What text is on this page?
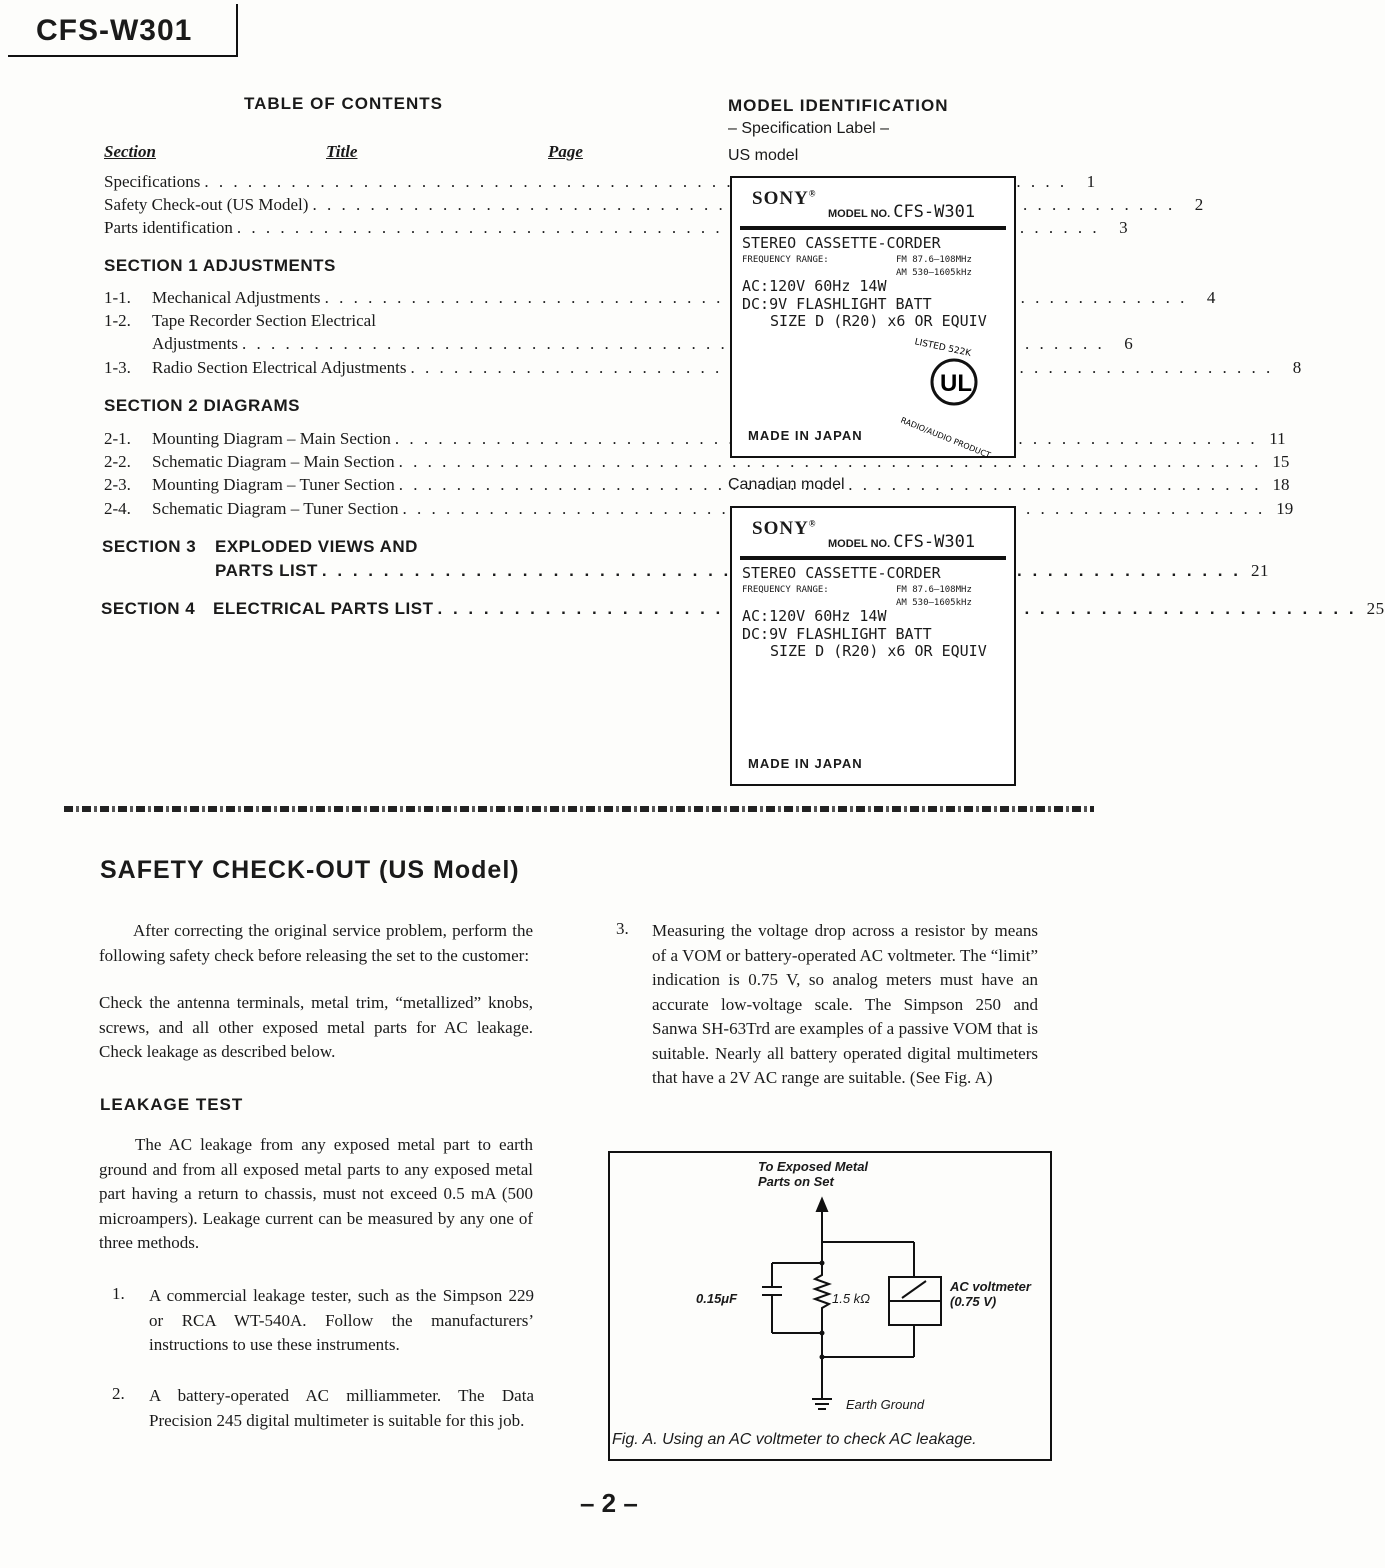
CFS-W301
TABLE OF CONTENTS
Section	Title	Page
Specifications . . .	1
Safety Check-out (US Model) . . .	2
Parts identification . . .	3
SECTION 1 ADJUSTMENTS
1-1.	Mechanical Adjustments . . .	4
1-2.	Tape Recorder Section Electrical
Adjustments . . .	6
1-3.	Radio Section Electrical Adjustments . . .	8
SECTION 2 DIAGRAMS
2-1.	Mounting Diagram – Main Section . . .	11
2-2.	Schematic Diagram – Main Section . . .	15
2-3.	Mounting Diagram – Tuner Section . . .	18
2-4.	Schematic Diagram – Tuner Section . . .	19
SECTION 3 EXPLODED VIEWS AND
PARTS LIST . . .	21
SECTION 4 ELECTRICAL PARTS LIST . . .	25
MODEL IDENTIFICATION
– Specification Label –
US model
SONY®
MODEL NO. CFS-W301
STEREO CASSETTE-CORDER
FREQUENCY RANGE:	FM 87.6–108MHz
AM 530–1605kHz
AC:120V 60Hz 14W
DC:9V FLASHLIGHT BATT
SIZE D (R20) x6 OR EQUIV
LISTED 522K
UL
RADIO/AUDIO PRODUCT
MADE IN JAPAN
Canadian model
SONY®
MODEL NO. CFS-W301
STEREO CASSETTE-CORDER
FREQUENCY RANGE:	FM 87.6–108MHz
AM 530–1605kHz
AC:120V 60Hz 14W
DC:9V FLASHLIGHT BATT
SIZE D (R20) x6 OR EQUIV
MADE IN JAPAN
SAFETY CHECK-OUT (US Model)
After correcting the original service problem, perform the following safety check before releasing the set to the customer:
Check the antenna terminals, metal trim, “metallized” knobs, screws, and all other exposed metal parts for AC leakage. Check leakage as described below.
LEAKAGE TEST
The AC leakage from any exposed metal part to earth ground and from all exposed metal parts to any exposed metal part having a return to chassis, must not exceed 0.5 mA (500 microampers). Leakage current can be measured by any one of three methods.
1. A commercial leakage tester, such as the Simpson 229 or RCA WT-540A. Follow the manufacturers’ instructions to use these instruments.
2. A battery-operated AC milliammeter. The Data Precision 245 digital multimeter is suitable for this job.
3. Measuring the voltage drop across a resistor by means of a VOM or battery-operated AC voltmeter. The “limit” indication is 0.75 V, so analog meters must have an accurate low-voltage scale. The Simpson 250 and Sanwa SH-63Trd are examples of a passive VOM that is suitable. Nearly all battery operated digital multimeters that have a 2V AC range are suitable. (See Fig. A)
To Exposed Metal Parts on Set
0.15μF	1.5 kΩ
AC voltmeter (0.75 V)
Earth Ground
Fig. A. Using an AC voltmeter to check AC leakage.
– 2 –
